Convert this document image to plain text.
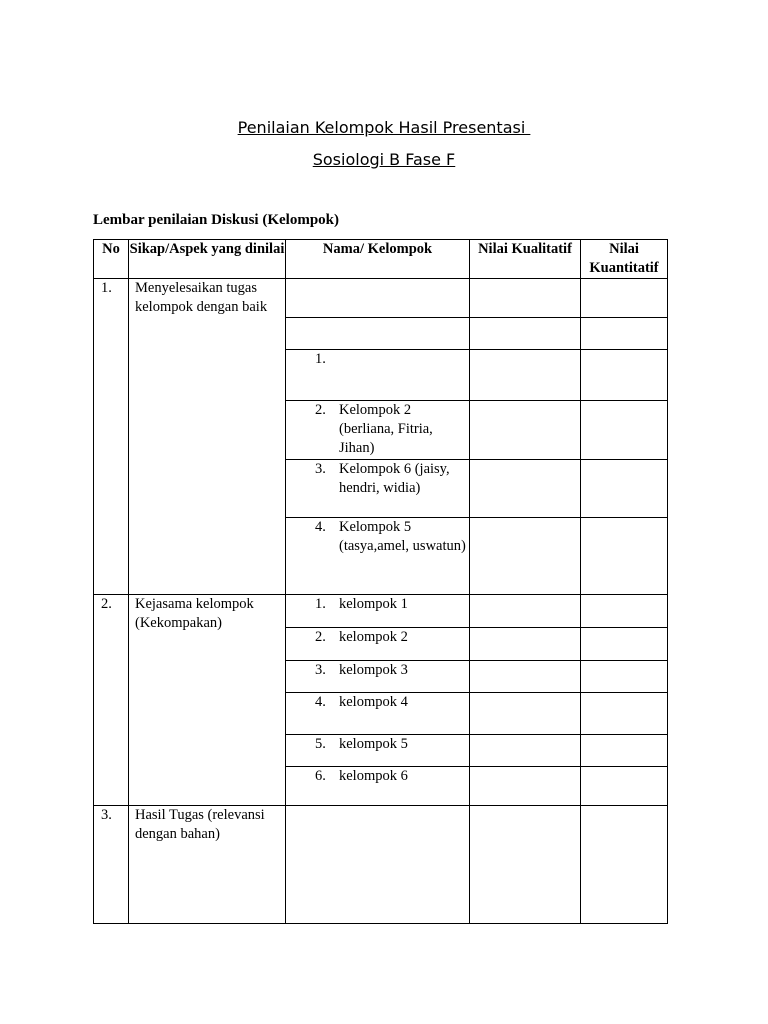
Penilaian Kelompok Hasil Presentasi
Sosiologi B Fase F
Lembar penilaian Diskusi (Kelompok)
No	Sikap/Aspek yang dinilai	Nama/ Kelompok	Nilai Kualitatif	Nilai Kuantitatif
1.	Menyelesaikan tugas kelompok dengan baik			

		1.		

		2. Kelompok 2 (berliana, Fitria, Jihan)		

		3. Kelompok 6 (jaisy, hendri, widia)		

		4. Kelompok 5 (tasya,amel, uswatun)		

2.	Kejasama kelompok (Kekompakan)	1. kelompok 1		

		2. kelompok 2		

		3. kelompok 3		

		4. kelompok 4		

		5. kelompok 5		

		6. kelompok 6		

3.	Hasil Tugas (relevansi dengan bahan)			
